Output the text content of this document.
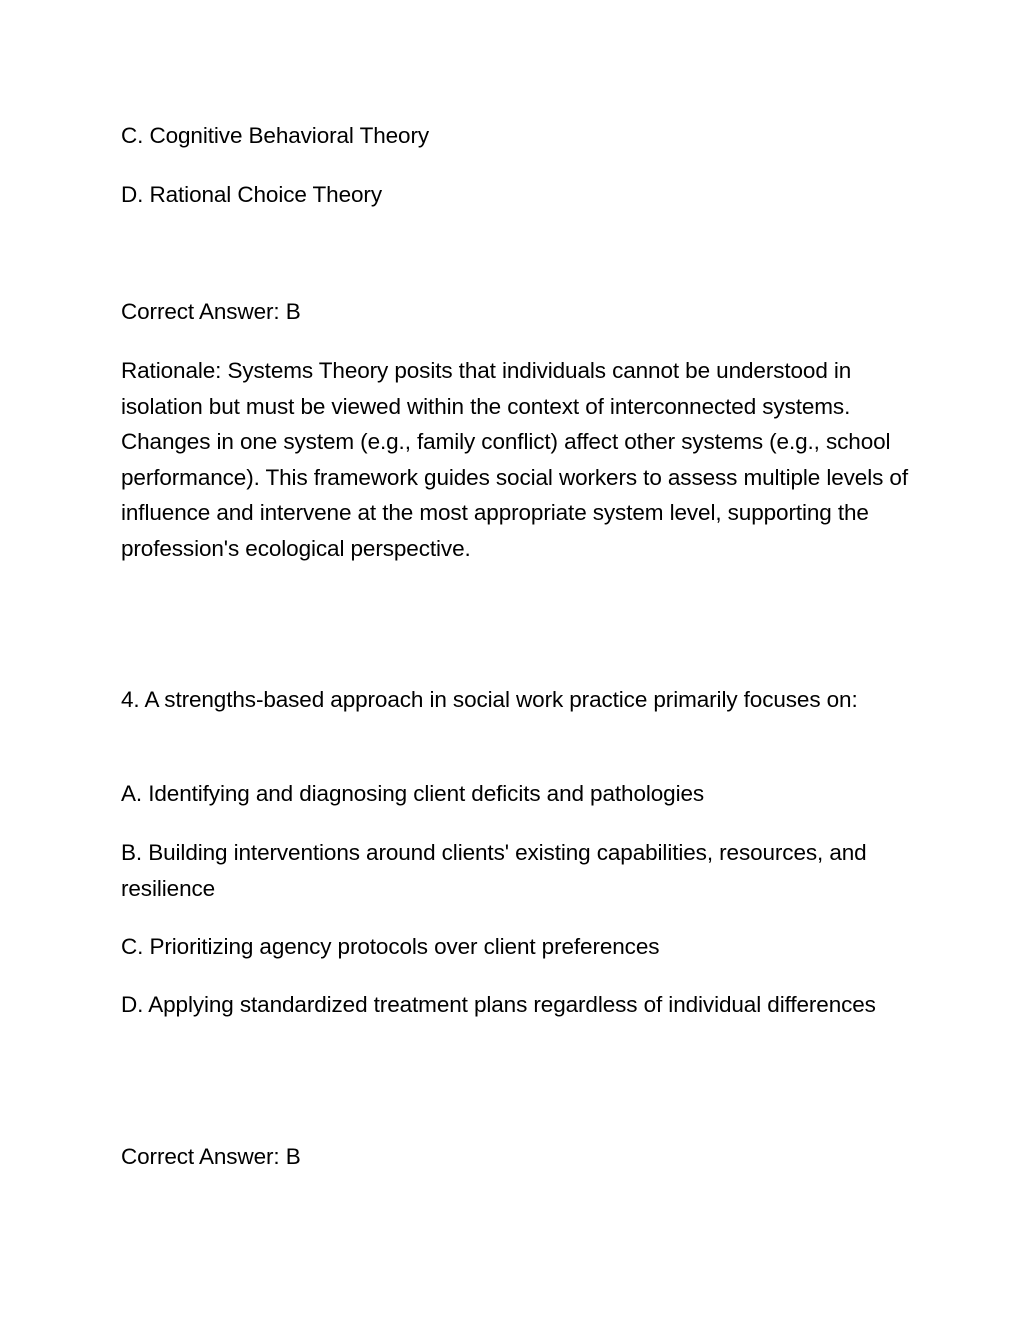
C. Cognitive Behavioral Theory
D. Rational Choice Theory
Correct Answer: B

Rationale: Systems Theory posits that individuals cannot be understood in isolation but must be viewed within the context of interconnected systems. Changes in one system (e.g., family conflict) affect other systems (e.g., school performance). This framework guides social workers to assess multiple levels of influence and intervene at the most appropriate system level, supporting the profession's ecological perspective.

4. A strengths-based approach in social work practice primarily focuses on:

A. Identifying and diagnosing client deficits and pathologies

B. Building interventions around clients' existing capabilities, resources, and resilience

C. Prioritizing agency protocols over client preferences

D. Applying standardized treatment plans regardless of individual differences

Correct Answer: B
